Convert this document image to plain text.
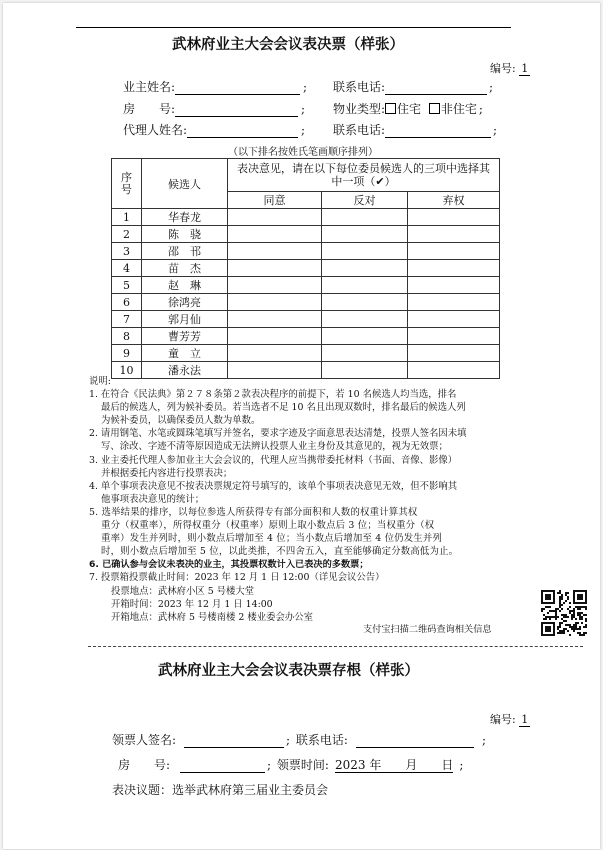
武林府业主大会会议表决票（样张）
编号: 1
业主姓名:	; 联系电话:	;
房　　号:	; 物业类型: 住宅 非住宅 ;
代理人姓名:	; 联系电话:	;
（以下排名按姓氏笔画顺序排列）
序号	候选人	表决意见，请在以下每位委员候选人的三项中选择其中一项（✔）		
		同意	反对	弃权
1	华春龙			
2	陈　骁			
3	邵　邗			
4	苗　杰			
5	赵　琳			
6	徐鸿亮			
7	郭月仙			
8	曹芳芳			
9	童　立			
10	潘永法			
说明:
1. 在符合《民法典》第２７８条第２款表决程序的前提下，若 10 名候选人均当选，排名
最后的候选人，列为候补委员。若当选者不足 10 名且出现双数时，排名最后的候选人列
为候补委员，以确保委员人数为单数。
2. 请用钢笔、水笔或圆珠笔填写并签名，要求字迹及字面意思表达清楚，投票人签名因未填
写、涂改、字迹不清等原因造成无法辨认投票人业主身份及其意见的，视为无效票；
3. 业主委托代理人参加业主大会会议的，代理人应当携带委托材料（书面、音像、影像）
并根据委托内容进行投票表决；
4. 单个事项表决意见不按表决票规定符号填写的，该单个事项表决意见无效，但不影响其
他事项表决意见的统计；
5. 选举结果的排序，以每位参选人所获得专有部分面积和人数的权重计算其权
重分（权重率），所得权重分（权重率）原则上取小数点后 3 位；当权重分（权
重率）发生并列时，则小数点后增加至 4 位；当小数点后增加至 4 位仍发生并列
时，则小数点后增加至 5 位，以此类推，不四舍五入，直至能够确定分数高低为止。
6. 已确认参与会议未表决的业主，其投票权数计入已表决的多数票；
7. 投票箱投票截止时间：2023 年 12 月 1 日 12:00（详见会议公告）
投票地点：武林府小区 5 号楼大堂
开箱时间：2023 年 12 月 1 日 14:00
开箱地点：武林府 5 号楼南楼 2 楼业委会办公室
支付宝扫描二维码查询相关信息
武林府业主大会会议表决票存根（样张）
编号: 1
领票人签名:	; 联系电话:	;
房　　号:	; 领票时间: 2023 年　　月　　日 ;
表决议题：选举武林府第三届业主委员会
